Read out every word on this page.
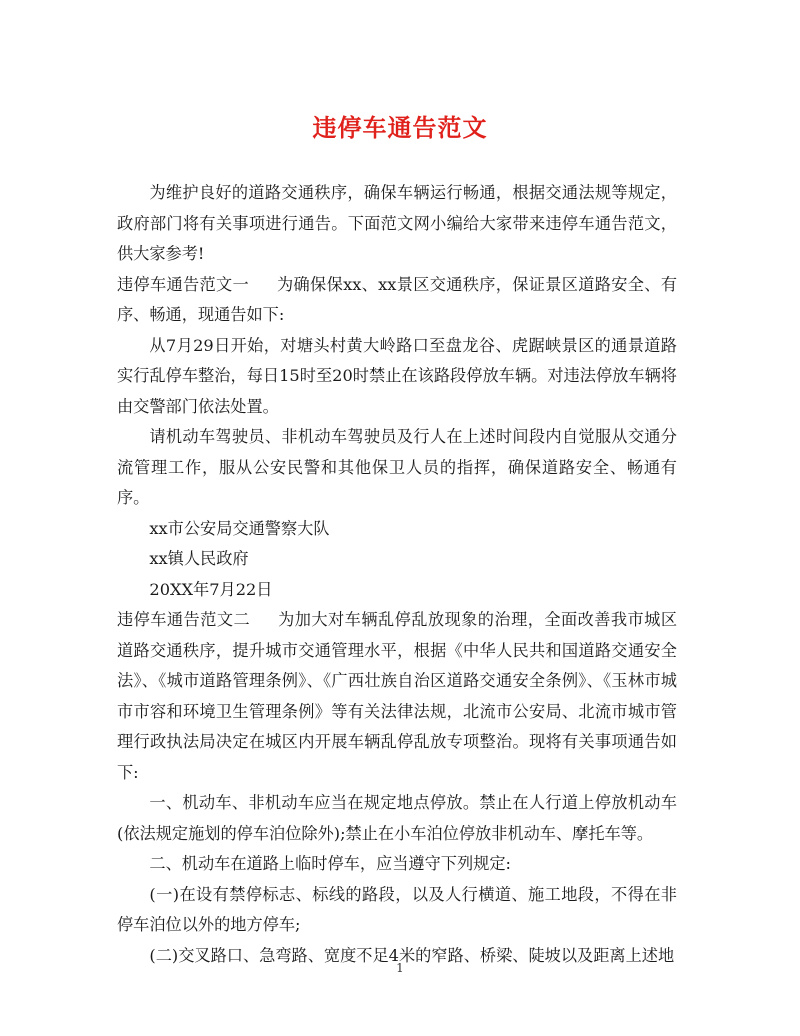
违停车通告范文

为维护良好的道路交通秩序，确保车辆运行畅通，根据交通法规等规定，政府部门将有关事项进行通告。下面范文网小编给大家带来违停车通告范文，供大家参考!

违停车通告范文一 为确保保xx、xx景区交通秩序，保证景区道路安全、有序、畅通，现通告如下:

从7月29日开始，对塘头村黄大岭路口至盘龙谷、虎踞峡景区的通景道路实行乱停车整治，每日15时至20时禁止在该路段停放车辆。对违法停放车辆将由交警部门依法处置。

请机动车驾驶员、非机动车驾驶员及行人在上述时间段内自觉服从交通分流管理工作，服从公安民警和其他保卫人员的指挥，确保道路安全、畅通有序。

xx市公安局交通警察大队

xx镇人民政府

20XX年7月22日

违停车通告范文二 为加大对车辆乱停乱放现象的治理，全面改善我市城区道路交通秩序，提升城市交通管理水平，根据《中华人民共和国道路交通安全法》、《城市道路管理条例》、《广西壮族自治区道路交通安全条例》、《玉林市城市市容和环境卫生管理条例》等有关法律法规，北流市公安局、北流市城市管理行政执法局决定在城区内开展车辆乱停乱放专项整治。现将有关事项通告如下:

一、机动车、非机动车应当在规定地点停放。禁止在人行道上停放机动车(依法规定施划的停车泊位除外);禁止在小车泊位停放非机动车、摩托车等。

二、机动车在道路上临时停车，应当遵守下列规定:

(一)在设有禁停标志、标线的路段，以及人行横道、施工地段，不得在非停车泊位以外的地方停车;

(二)交叉路口、急弯路、宽度不足4米的窄路、桥梁、陡坡以及距离上述地

1
